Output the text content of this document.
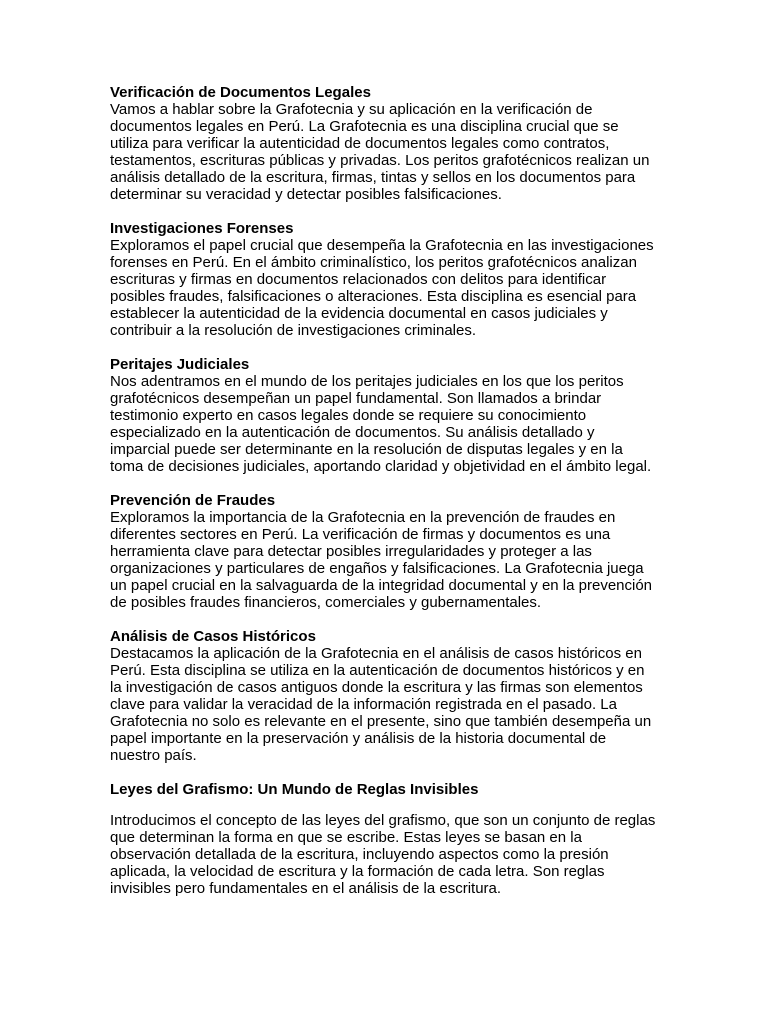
Verificación de Documentos Legales

Vamos a hablar sobre la Grafotecnia y su aplicación en la verificación de documentos legales en Perú. La Grafotecnia es una disciplina crucial que se utiliza para verificar la autenticidad de documentos legales como contratos, testamentos, escrituras públicas y privadas. Los peritos grafotécnicos realizan un análisis detallado de la escritura, firmas, tintas y sellos en los documentos para determinar su veracidad y detectar posibles falsificaciones.

Investigaciones Forenses

Exploramos el papel crucial que desempeña la Grafotecnia en las investigaciones forenses en Perú. En el ámbito criminalístico, los peritos grafotécnicos analizan escrituras y firmas en documentos relacionados con delitos para identificar posibles fraudes, falsificaciones o alteraciones. Esta disciplina es esencial para establecer la autenticidad de la evidencia documental en casos judiciales y contribuir a la resolución de investigaciones criminales.

Peritajes Judiciales

Nos adentramos en el mundo de los peritajes judiciales en los que los peritos grafotécnicos desempeñan un papel fundamental. Son llamados a brindar testimonio experto en casos legales donde se requiere su conocimiento especializado en la autenticación de documentos. Su análisis detallado y imparcial puede ser determinante en la resolución de disputas legales y en la toma de decisiones judiciales, aportando claridad y objetividad en el ámbito legal.

Prevención de Fraudes

Exploramos la importancia de la Grafotecnia en la prevención de fraudes en diferentes sectores en Perú. La verificación de firmas y documentos es una herramienta clave para detectar posibles irregularidades y proteger a las organizaciones y particulares de engaños y falsificaciones. La Grafotecnia juega un papel crucial en la salvaguarda de la integridad documental y en la prevención de posibles fraudes financieros, comerciales y gubernamentales.

Análisis de Casos Históricos

Destacamos la aplicación de la Grafotecnia en el análisis de casos históricos en Perú. Esta disciplina se utiliza en la autenticación de documentos históricos y en la investigación de casos antiguos donde la escritura y las firmas son elementos clave para validar la veracidad de la información registrada en el pasado. La Grafotecnia no solo es relevante en el presente, sino que también desempeña un papel importante en la preservación y análisis de la historia documental de nuestro país.

Leyes del Grafismo: Un Mundo de Reglas Invisibles

Introducimos el concepto de las leyes del grafismo, que son un conjunto de reglas que determinan la forma en que se escribe. Estas leyes se basan en la observación detallada de la escritura, incluyendo aspectos como la presión aplicada, la velocidad de escritura y la formación de cada letra. Son reglas invisibles pero fundamentales en el análisis de la escritura.
